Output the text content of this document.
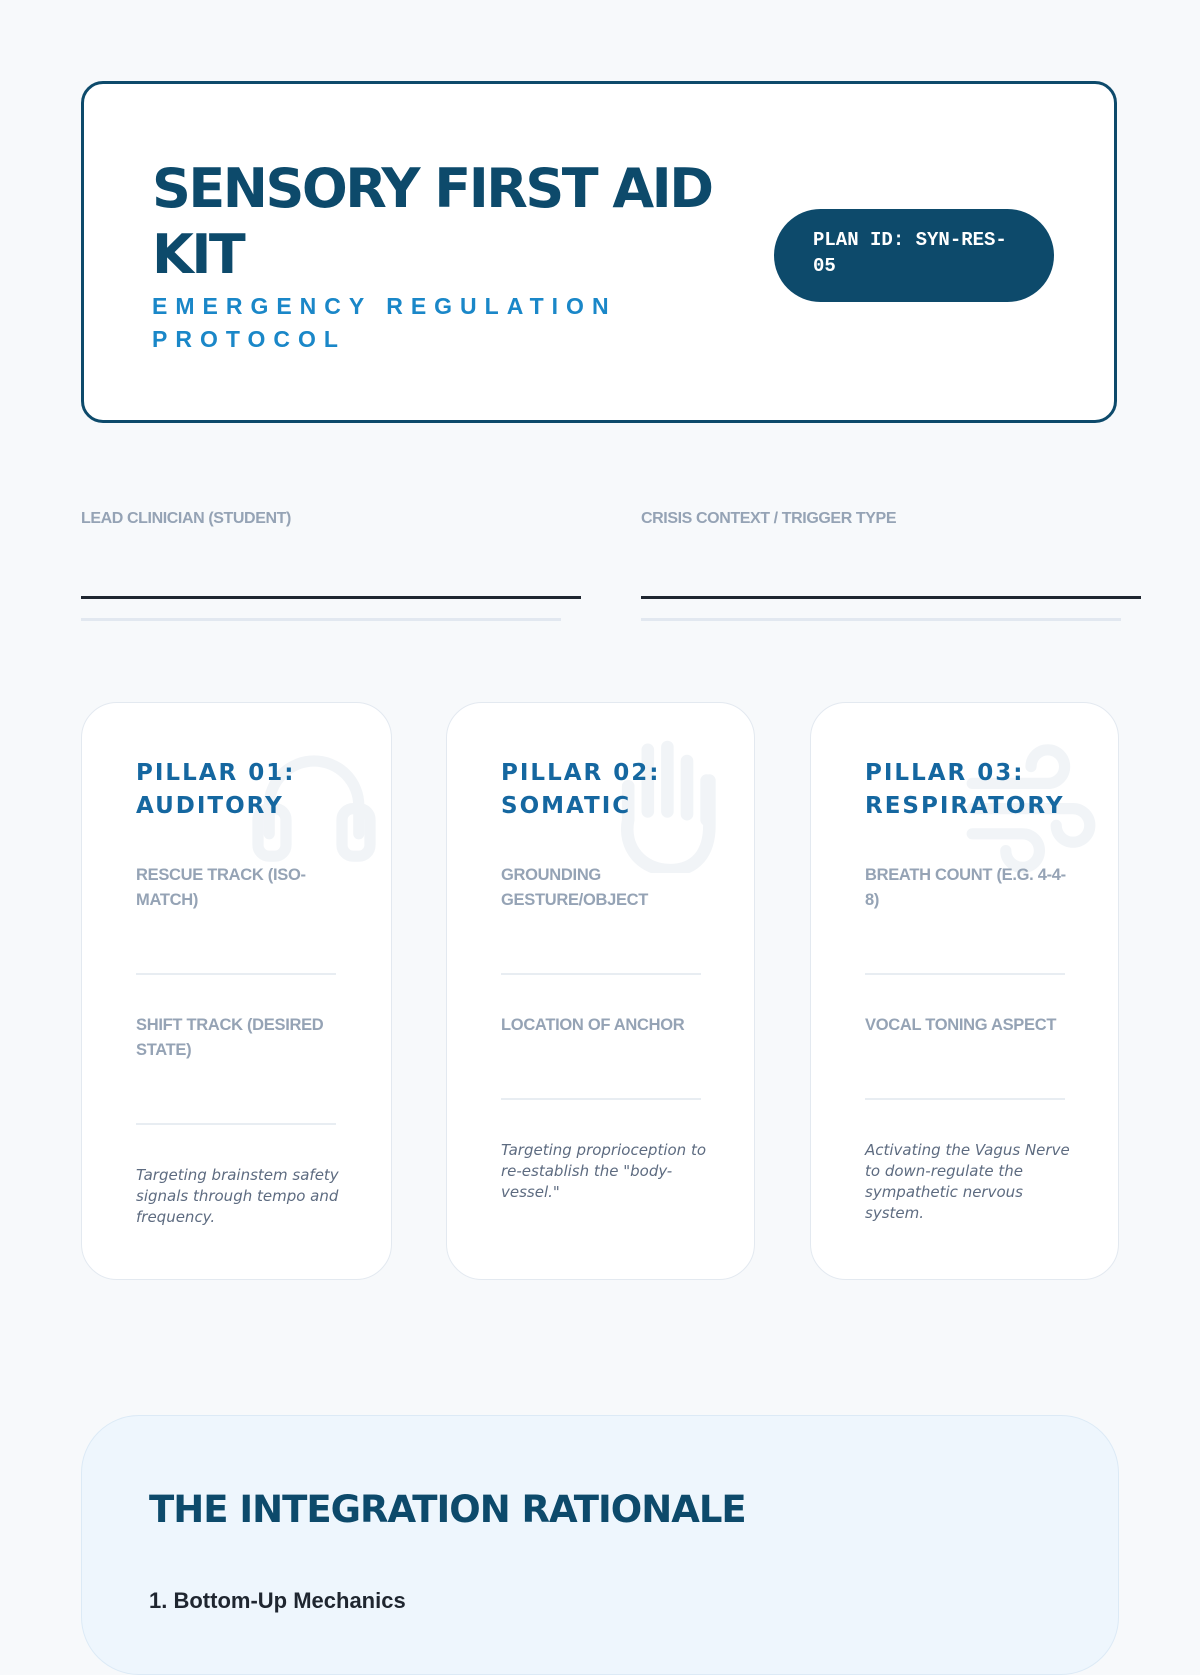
SENSORY FIRST AID KIT
EMERGENCY REGULATION PROTOCOL
PLAN ID: SYN-RES-05
LEAD CLINICIAN (STUDENT)	CRISIS CONTEXT / TRIGGER TYPE
PILLAR 01: AUDITORY
RESCUE TRACK (ISO-MATCH)
SHIFT TRACK (DESIRED STATE)
Targeting brainstem safety signals through tempo and frequency.
PILLAR 02: SOMATIC
GROUNDING GESTURE/OBJECT
LOCATION OF ANCHOR
Targeting proprioception to re-establish the "body-vessel."
PILLAR 03: RESPIRATORY
BREATH COUNT (E.G. 4-4-8)
VOCAL TONING ASPECT
Activating the Vagus Nerve to down-regulate the sympathetic nervous system.
THE INTEGRATION RATIONALE
1. Bottom-Up Mechanics
